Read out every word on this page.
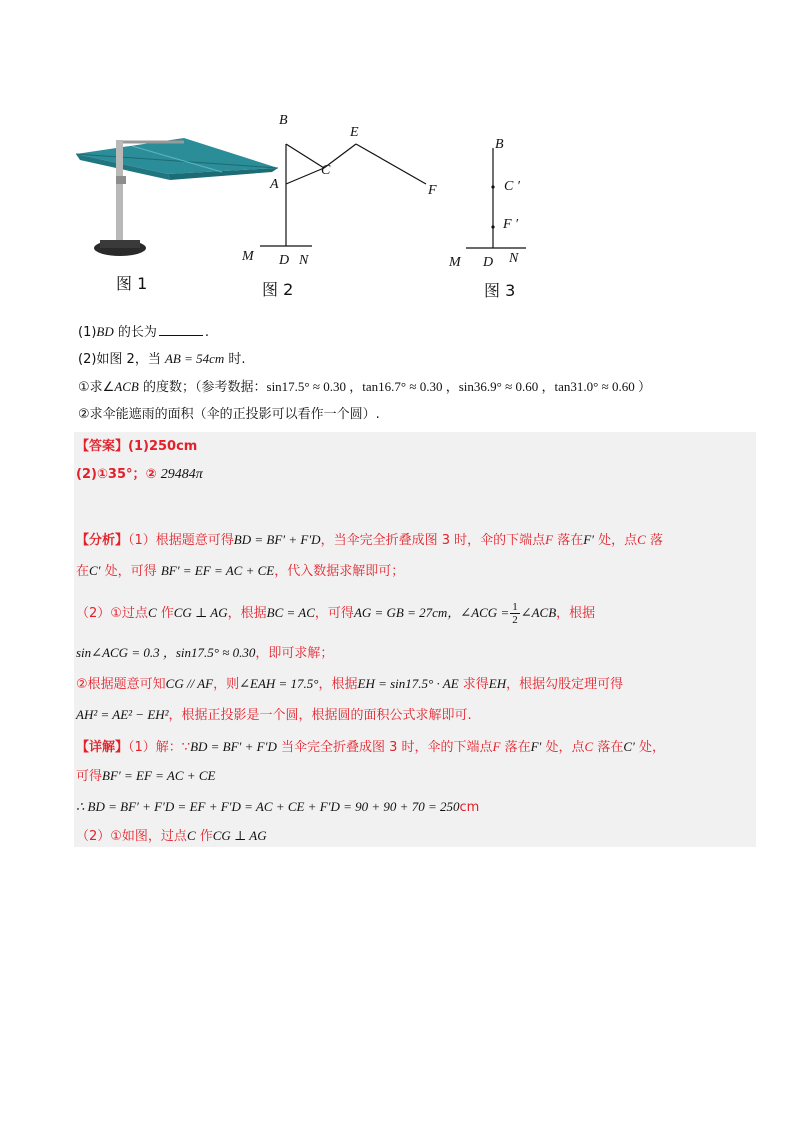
图 1
B
A
C
E
F
M D N
图 2
B
C ′
F ′
M D N
图 3
(1)BD 的长为	.
(2)如图 2，当 AB = 54cm 时.
①求∠ACB 的度数；（参考数据：sin17.5° ≈ 0.30 ，tan16.7° ≈ 0.30 ，sin36.9° ≈ 0.60 ，tan31.0° ≈ 0.60 ）
②求伞能遮雨的面积（伞的正投影可以看作一个圆）.
【答案】(1)250cm
(2)①35°；② 29484π
【分析】（1）根据题意可得BD = BF′ + F′D，当伞完全折叠成图 3 时，伞的下端点F 落在F′ 处，点C 落
在C′ 处，可得 BF′ = EF = AC + CE，代入数据求解即可；
（2）①过点C 作CG ⊥ AG，根据BC = AC，可得AG = GB = 27cm，∠ACG = $\frac{1}{2}$ ∠ACB，根据
sin∠ACG = 0.3 ，sin17.5° ≈ 0.30，即可求解；
②根据题意可知CG // AF，则∠EAH = 17.5°，根据EH = sin17.5° · AE 求得EH，根据勾股定理可得
AH² = AE² − EH²，根据正投影是一个圆，根据圆的面积公式求解即可.
【详解】（1）解：∵BD = BF′ + F′D 当伞完全折叠成图 3 时，伞的下端点F 落在F′ 处，点C 落在C′ 处，
可得BF′ = EF = AC + CE
∴ BD = BF′ + F′D = EF + F′D = AC + CE + F′D = 90 + 90 + 70 = 250cm
（2）①如图，过点C 作CG ⊥ AG
